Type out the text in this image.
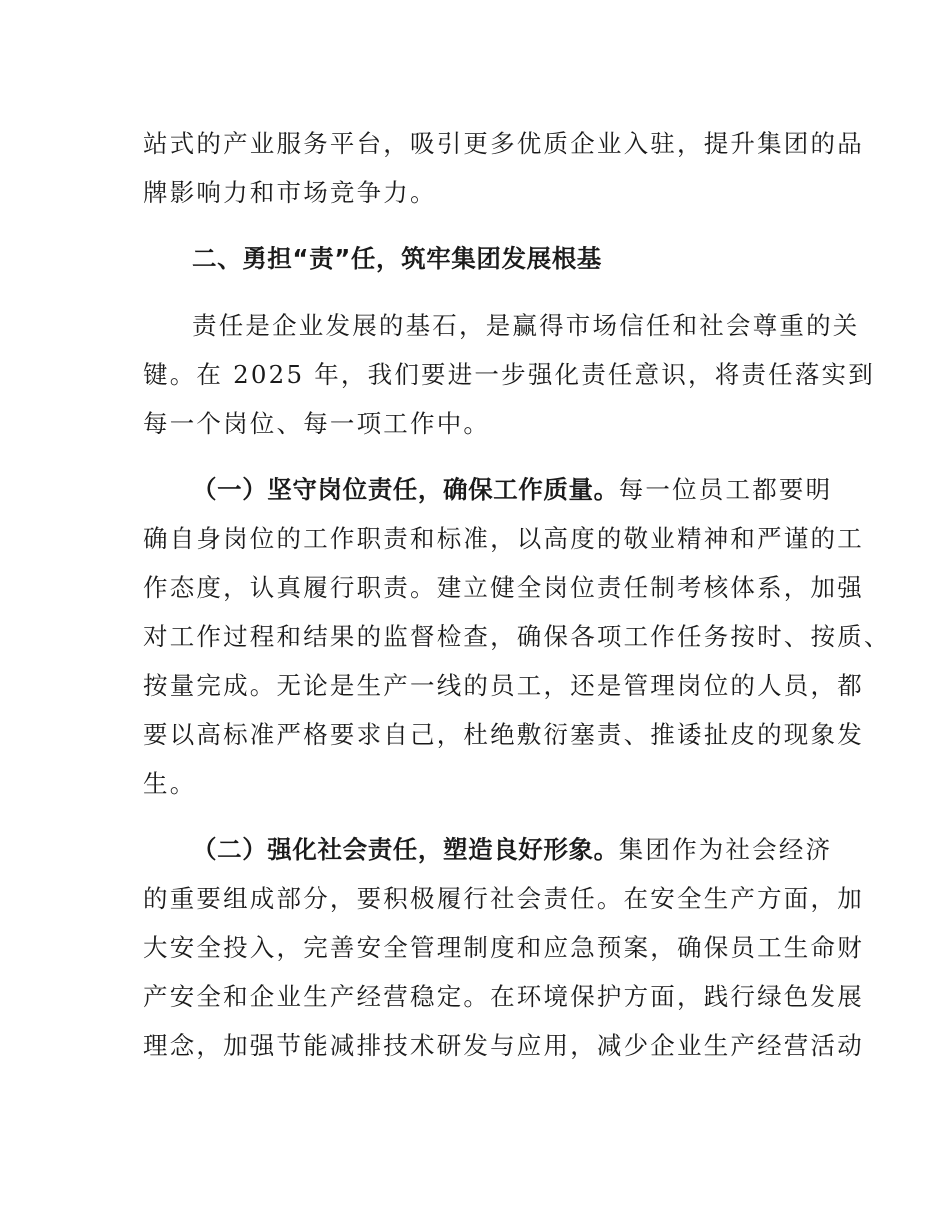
站式的产业服务平台，吸引更多优质企业入驻，提升集团的品
牌影响力和市场竞争力。
二、勇担“责”任，筑牢集团发展根基
责任是企业发展的基石，是赢得市场信任和社会尊重的关
键。在 2025 年，我们要进一步强化责任意识，将责任落实到
每一个岗位、每一项工作中。
（一）坚守岗位责任，确保工作质量。每一位员工都要明
确自身岗位的工作职责和标准，以高度的敬业精神和严谨的工
作态度，认真履行职责。建立健全岗位责任制考核体系，加强
对工作过程和结果的监督检查，确保各项工作任务按时、按质、
按量完成。无论是生产一线的员工，还是管理岗位的人员，都
要以高标准严格要求自己，杜绝敷衍塞责、推诿扯皮的现象发
生。
（二）强化社会责任，塑造良好形象。集团作为社会经济
的重要组成部分，要积极履行社会责任。在安全生产方面，加
大安全投入，完善安全管理制度和应急预案，确保员工生命财
产安全和企业生产经营稳定。在环境保护方面，践行绿色发展
理念，加强节能减排技术研发与应用，减少企业生产经营活动
